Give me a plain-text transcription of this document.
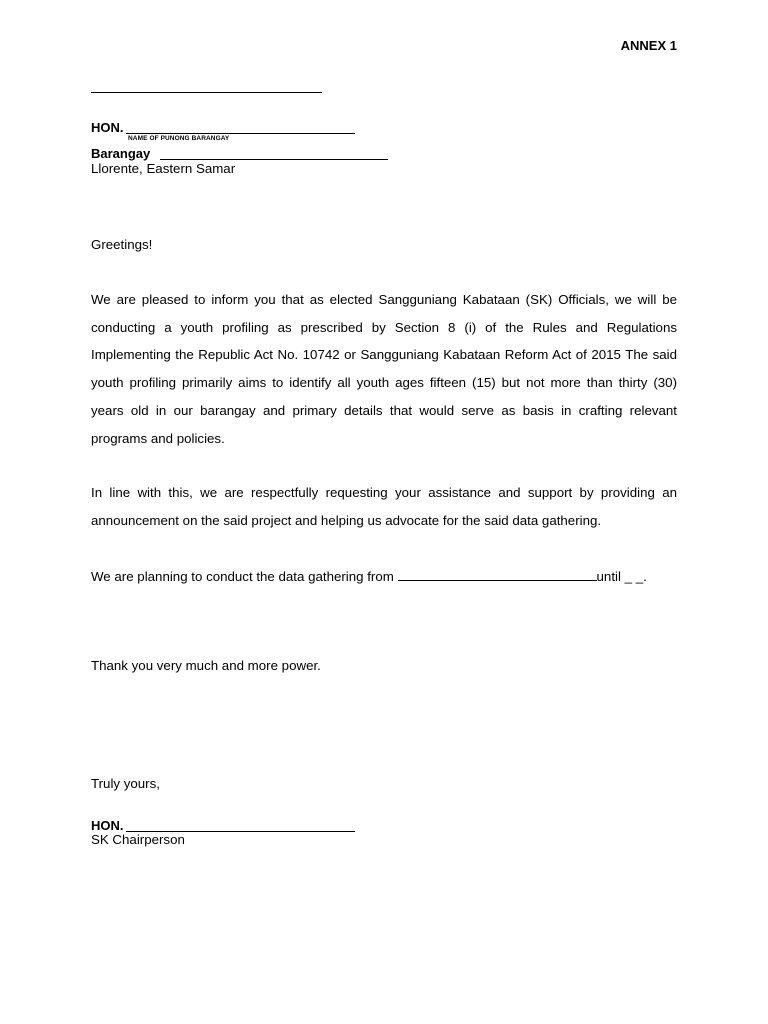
ANNEX 1
HON.
NAME OF PUNONG BARANGAY
Barangay
Llorente, Eastern Samar
Greetings!

We are pleased to inform you that as elected Sangguniang Kabataan (SK) Officials, we will be conducting a youth profiling as prescribed by Section 8 (i) of the Rules and Regulations Implementing the Republic Act No. 10742 or Sangguniang Kabataan Reform Act of 2015 The said youth profiling primarily aims to identify all youth ages fifteen (15) but not more than thirty (30) years old in our barangay and primary details that would serve as basis in crafting relevant programs and policies.

In line with this, we are respectfully requesting your assistance and support by providing an announcement on the said project and helping us advocate for the said data gathering.

We are planning to conduct the data gathering from	until _ _.

Thank you very much and more power.

Truly yours,
HON.
SK Chairperson
